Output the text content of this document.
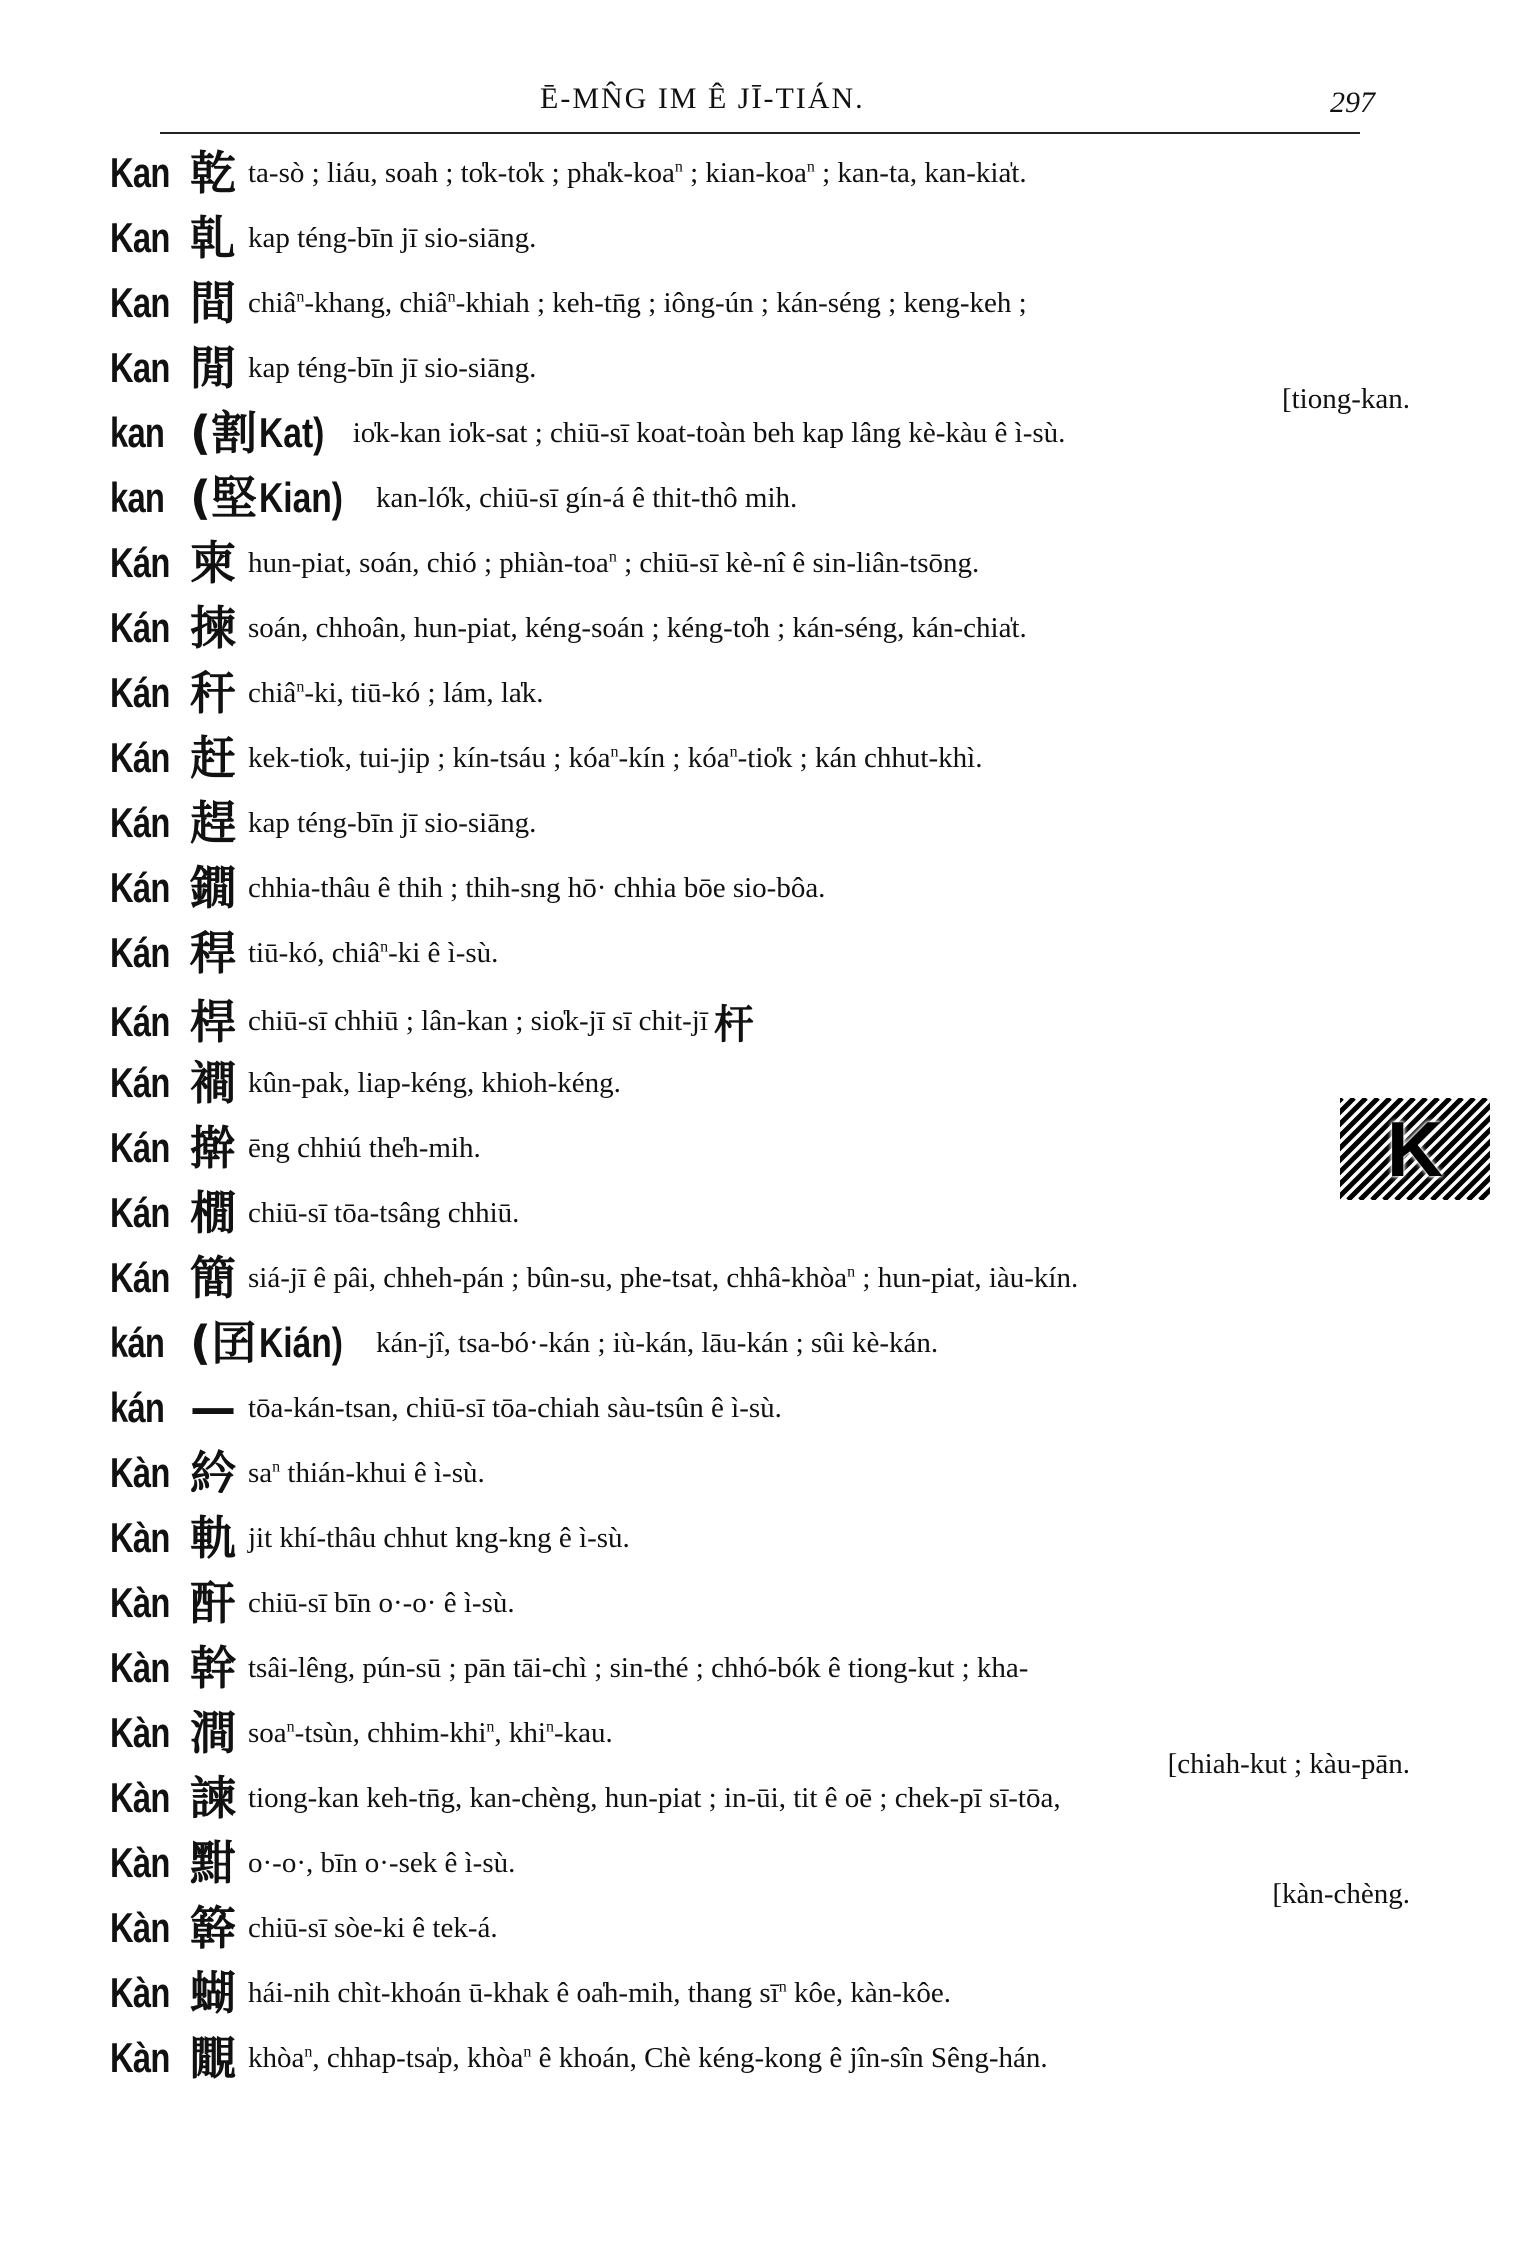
Ē-MN̂G IM Ê JĪ-TIÁN.	297
Kan 乾 ta-sò ; liáu, soah ; to̍k-to̍k ; pha̍k-koa$^n$ ; kian-koa$^n$ ; kan-ta, kan-kia̍t.
Kan 乹 kap téng-bīn jī sio-siāng.
Kan 間 chiâ$^n$-khang, chiâ$^n$-khiah ; keh-tn̄g ; iông-ún ; kán-séng ; keng-keh ;
Kan 閒 kap téng-bīn jī sio-siāng.
[tiong-kan.
kan (割Kat) io̍k-kan io̍k-sat ; chiū-sī koat-toàn beh kap lâng kè-kàu ê ì-sù.
kan (堅Kian) kan-ló̍k, chiū-sī gín-á ê thit-thô mih.
Kán 柬 hun-piat, soán, chió ; phiàn-toa$^n$ ; chiū-sī kè-nî ê sin-liân-tsōng.
Kán 揀 soán, chhoân, hun-piat, kéng-soán ; kéng-to̍h ; kán-séng, kán-chia̍t.
Kán 秆 chiâ$^n$-ki, tiū-kó ; lám, la̍k.
Kán 赶 kek-tio̍k, tui-jip ; kín-tsáu ; kóa$^n$-kín ; kóa$^n$-tio̍k ; kán chhut-khì.
Kán 趕 kap téng-bīn jī sio-siāng.
Kán 鐗 chhia-thâu ê thih ; thih-sng hō· chhia bōe sio-bôa.
Kán 稈 tiū-kó, chiâ$^n$-ki ê ì-sù.
Kán 桿 chiū-sī chhiū ; lân-kan ; sio̍k-jī sī chit-jī 杆
Kán 襇 kûn-pak, liap-kéng, khioh-kéng.
Kán 擀 ēng chhiú the̍h-mih.
Kán 橌 chiū-sī tōa-tsâng chhiū.
Kán 簡 siá-jī ê pâi, chheh-pán ; bûn-su, phe-tsat, chhâ-khòa$^n$ ; hun-piat, iàu-kín.
kán (囝Kián) kán-jî, tsa-bó·-kán ; iù-kán, lāu-kán ; sûi kè-kán.
kán — tōa-kán-tsan, chiū-sī tōa-chiah sàu-tsûn ê ì-sù.
Kàn 紟 $sa^n$ thián-khui ê ì-sù.
Kàn 軌 jit khí-thâu chhut kng-kng ê ì-sù.
Kàn 酐 chiū-sī bīn o·-o· ê ì-sù.
Kàn 幹 tsâi-lêng, pún-sū ; pān tāi-chì ; sin-thé ; chhó-bók ê tiong-kut ; kha-
Kàn 澗 soa$^n$-tsùn, chhim-khi$^n$, khi$^n$-kau.
[chiah-kut ; kàu-pān.
Kàn 諫 tiong-kan keh-tn̄g, kan-chèng, hun-piat ; in-ūi, tit ê oē ; chek-pī sī-tōa,
Kàn 黚 o·-o·, bīn o·-sek ê ì-sù.
[kàn-chèng.
Kàn 簳 chiū-sī sòe-ki ê tek-á.
Kàn 蝴 hái-nih chìt-khoán ū-khak ê oa̍h-mih, thang $sī^n$ kôe, kàn-kôe.
Kàn 覵 khòa$^n$, chhap-tsa̍p, khòa$^n$ ê khoán, Chè kéng-kong ê jîn-sîn Sêng-hán.
K
